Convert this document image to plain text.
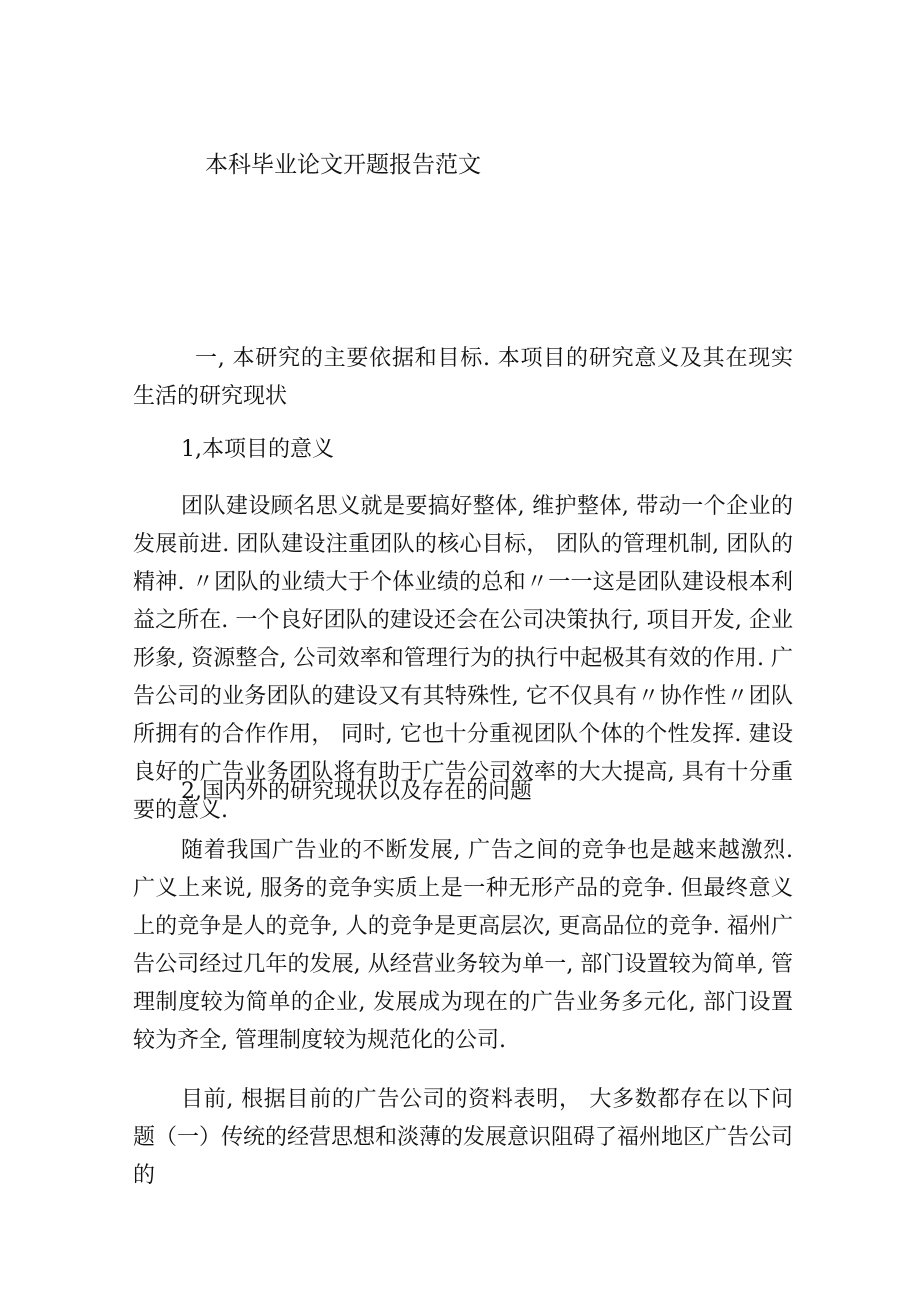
本科毕业论文开题报告范文

一, 本研究的主要依据和目标. 本项目的研究意义及其在现实生活的研究现状

1,本项目的意义

团队建设顾名思义就是要搞好整体, 维护整体, 带动一个企业的发展前进. 团队建设注重团队的核心目标， 团队的管理机制, 团队的精神. 〃团队的业绩大于个体业绩的总和〃一一这是团队建设根本利益之所在. 一个良好团队的建设还会在公司决策执行, 项目开发, 企业形象, 资源整合, 公司效率和管理行为的执行中起极其有效的作用. 广告公司的业务团队的建设又有其特殊性, 它不仅具有〃协作性〃团队所拥有的合作作用， 同时, 它也十分重视团队个体的个性发挥. 建设良好的广告业务团队将有助于广告公司效率的大大提高, 具有十分重要的意义.

2,国内外的研究现状以及存在的问题

随着我国广告业的不断发展, 广告之间的竞争也是越来越激烈. 广义上来说, 服务的竞争实质上是一种无形产品的竞争. 但最终意义上的竞争是人的竞争, 人的竞争是更高层次, 更高品位的竞争. 福州广告公司经过几年的发展, 从经营业务较为单一, 部门设置较为简单, 管理制度较为简单的企业, 发展成为现在的广告业务多元化, 部门设置较为齐全, 管理制度较为规范化的公司.

目前, 根据目前的广告公司的资料表明， 大多数都存在以下问题（一）传统的经营思想和淡薄的发展意识阻碍了福州地区广告公司的
